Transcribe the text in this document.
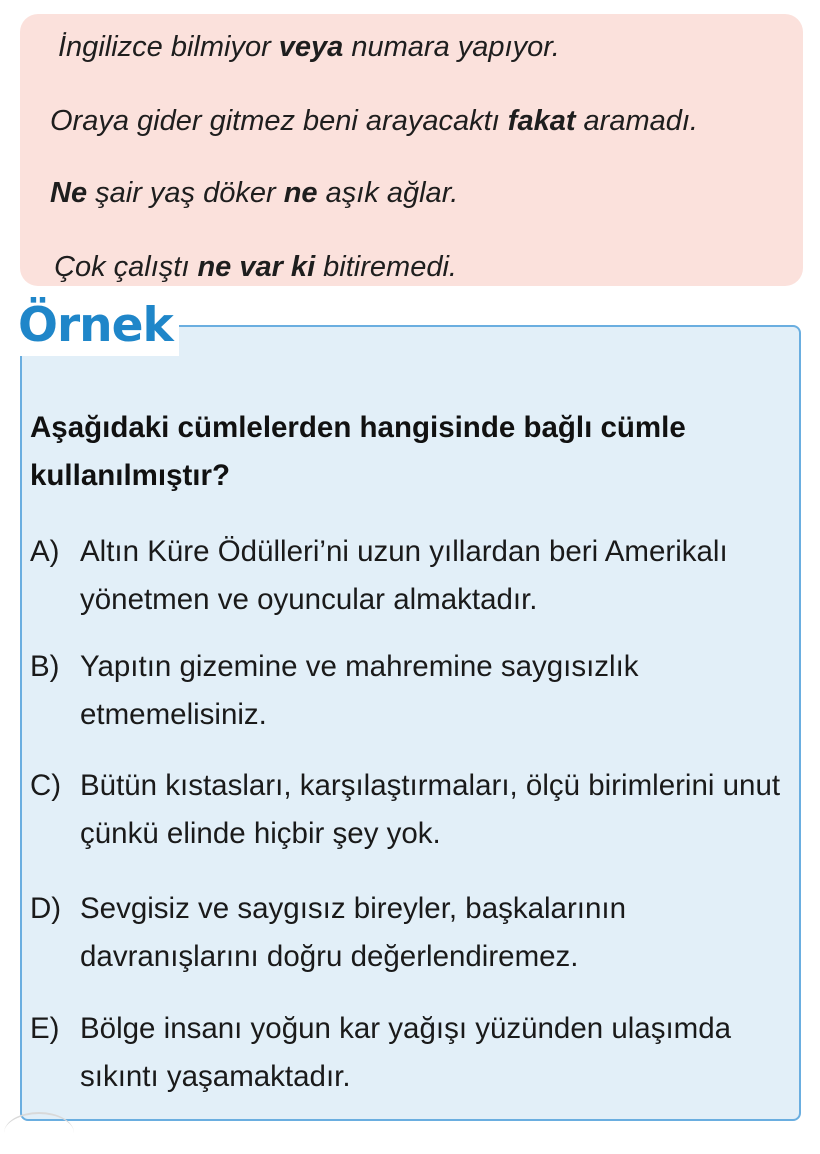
İngilizce bilmiyor veya numara yapıyor.
Oraya gider gitmez beni arayacaktı fakat aramadı.
Ne şair yaş döker ne aşık ağlar.
Çok çalıştı ne var ki bitiremedi.
Örnek
Aşağıdaki cümlelerden hangisinde bağlı cümle kullanılmıştır?
A) Altın Küre Ödülleri’ni uzun yıllardan beri Amerikalı yönetmen ve oyuncular almaktadır.
B) Yapıtın gizemine ve mahremine saygısızlık etmemelisiniz.
C) Bütün kıstasları, karşılaştırmaları, ölçü birimlerini unut çünkü elinde hiçbir şey yok.
D) Sevgisiz ve saygısız bireyler, başkalarının davranışlarını doğru değerlendiremez.
E) Bölge insanı yoğun kar yağışı yüzünden ulaşımda sıkıntı yaşamaktadır.
